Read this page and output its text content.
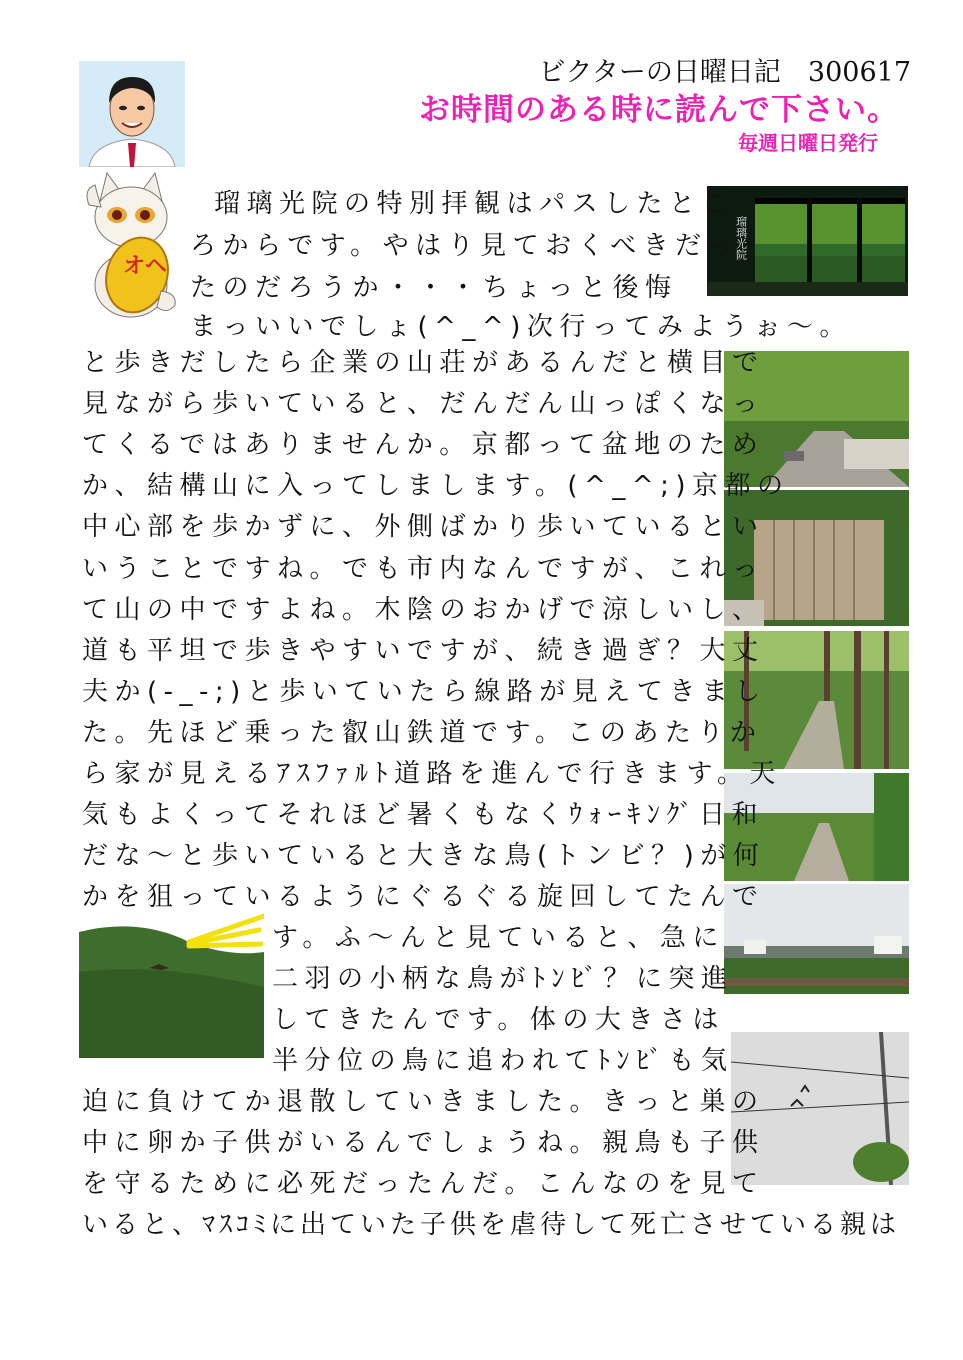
ビクターの日曜日記　300617
お時間のある時に読んで下さい。
毎週日曜日発行
オヘ
瑠璃光院
瑠璃光院の特別拝観はパスしたとこ
ろからです。やはり見ておくべきだっ
たのだろうか・・・ちょっと後悔
まっいいでしょ(^_^)次行ってみようぉ～。
と歩きだしたら企業の山荘があるんだと横目で
見ながら歩いていると、だんだん山っぽくなっ
てくるではありませんか。京都って盆地のため
か、結構山に入ってしまします。(^_^;)京都の
中心部を歩かずに、外側ばかり歩いているとい
いうことですね。でも市内なんですが、これっ
て山の中ですよね。木陰のおかげで涼しいし、
道も平坦で歩きやすいですが、続き過ぎ？大丈
夫か(-_-;)と歩いていたら線路が見えてきまし
た。先ほど乗った叡山鉄道です。このあたりか
ら家が見えるｱｽﾌｧﾙﾄ道路を進んで行きます。天
気もよくってそれほど暑くもなくｳｫｰｷﾝｸﾞ日和
だな～と歩いていると大きな鳥(トンビ？)が何
かを狙っているようにぐるぐる旋回してたんで
す。ふ～んと見ていると、急に
二羽の小柄な鳥がﾄﾝﾋﾞ？に突進
してきたんです。体の大きさは
半分位の鳥に追われてﾄﾝﾋﾞも気
迫に負けてか退散していきました。きっと巣の
中に卵か子供がいるんでしょうね。親鳥も子供
を守るために必死だったんだ。こんなのを見て
いると、ﾏｽｺﾐに出ていた子供を虐待して死亡させている親は
